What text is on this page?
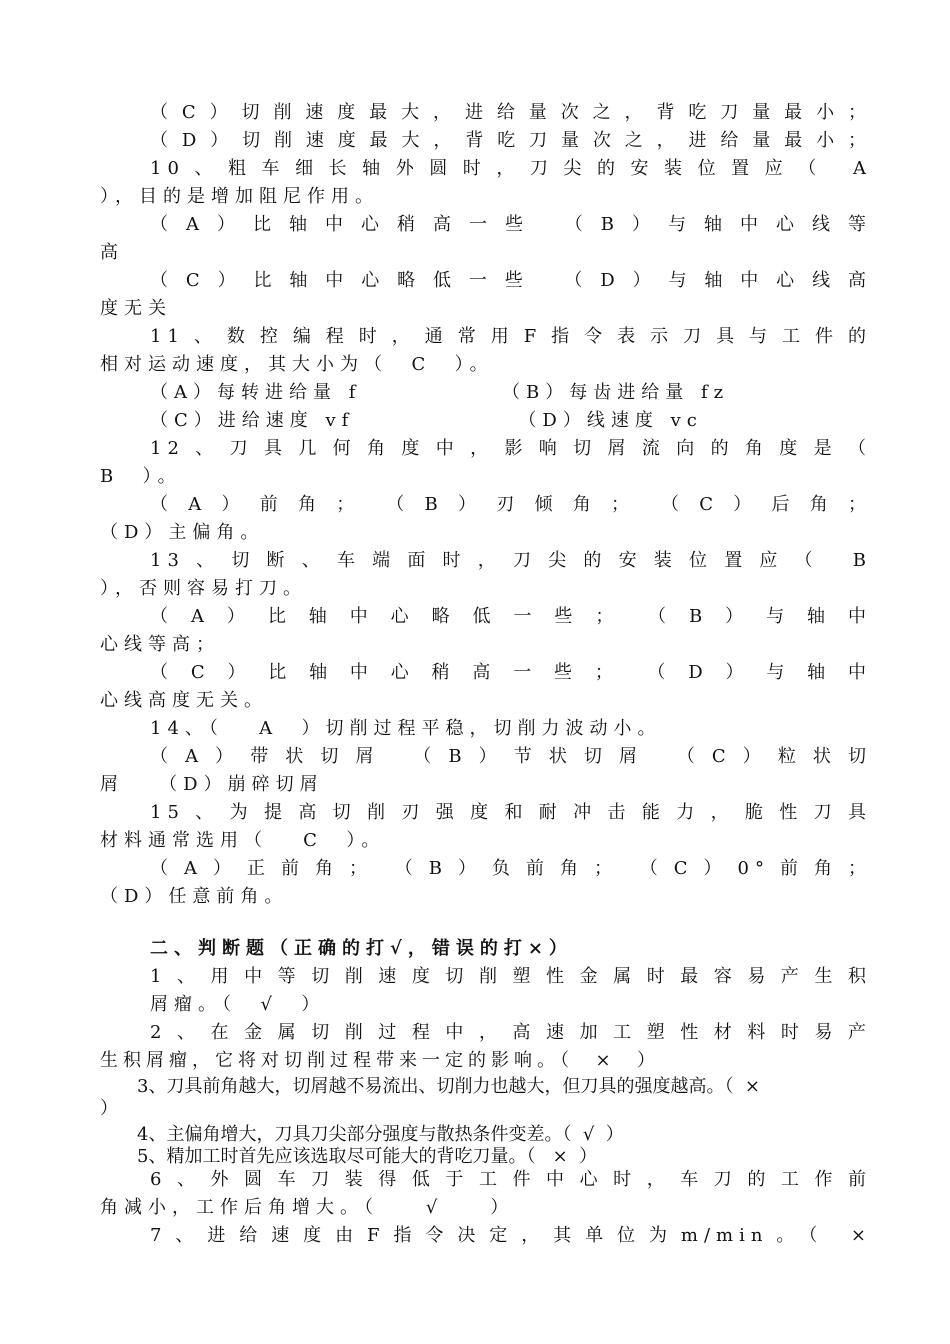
（C）切削速度最大，进给量次之，背吃刀量最小；
（D）切削速度最大，背吃刀量次之，进给量最小；
10、粗车细长轴外圆时，刀尖的安装位置应（ A
），目的是增加阻尼作用。
（A）比轴中心稍高一些 （B）与轴中心线等
高
（C）比轴中心略低一些 （D）与轴中心线高
度无关
11、数控编程时，通常用F指令表示刀具与工件的
相对运动速度，其大小为（  C  ）。
（A）每转进给量 f            （B）每齿进给量 fz
（C）进给速度 vf              （D）线速度 vc
12、刀具几何角度中，影响切屑流向的角度是（
B  ）。
（A）前角； （B）刃倾角； （C）后角；
（D）主偏角。
13、切断、车端面时，刀尖的安装位置应（ B
），否则容易打刀。
（A）比轴中心略低一些； （B）与轴中
心线等高；
（C）比轴中心稍高一些； （D）与轴中
心线高度无关。
14、（   A  ）切削过程平稳，切削力波动小。
（A）带状切屑 （B）节状切屑 （C）粒状切
屑   （D）崩碎切屑
15、为提高切削刃强度和耐冲击能力，脆性刀具
材料通常选用（   C  ）。
（A）正前角； （B）负前角； （C）0°前角；
（D）任意前角。
二、判断题（正确的打√，错误的打×）
1、用中等切削速度切削塑性金属时最容易产生积
屑瘤。（  √  ）
2、在金属切削过程中，高速加工塑性材料时易产
生积屑瘤，它将对切削过程带来一定的影响。（  ×  ）
3、刀具前角越大，切屑越不易流出、切削力也越大，但刀具的强度越高。（  ×
）
4、主偏角增大，刀具刀尖部分强度与散热条件变差。（  √  ）
5、精加工时首先应该选取尽可能大的背吃刀量。（   ×  ）
6、外圆车刀装得低于工件中心时，车刀的工作前
角减小，工作后角增大。（    √    ）
7、进给速度由F指令决定，其单位为m/min。（ ×
